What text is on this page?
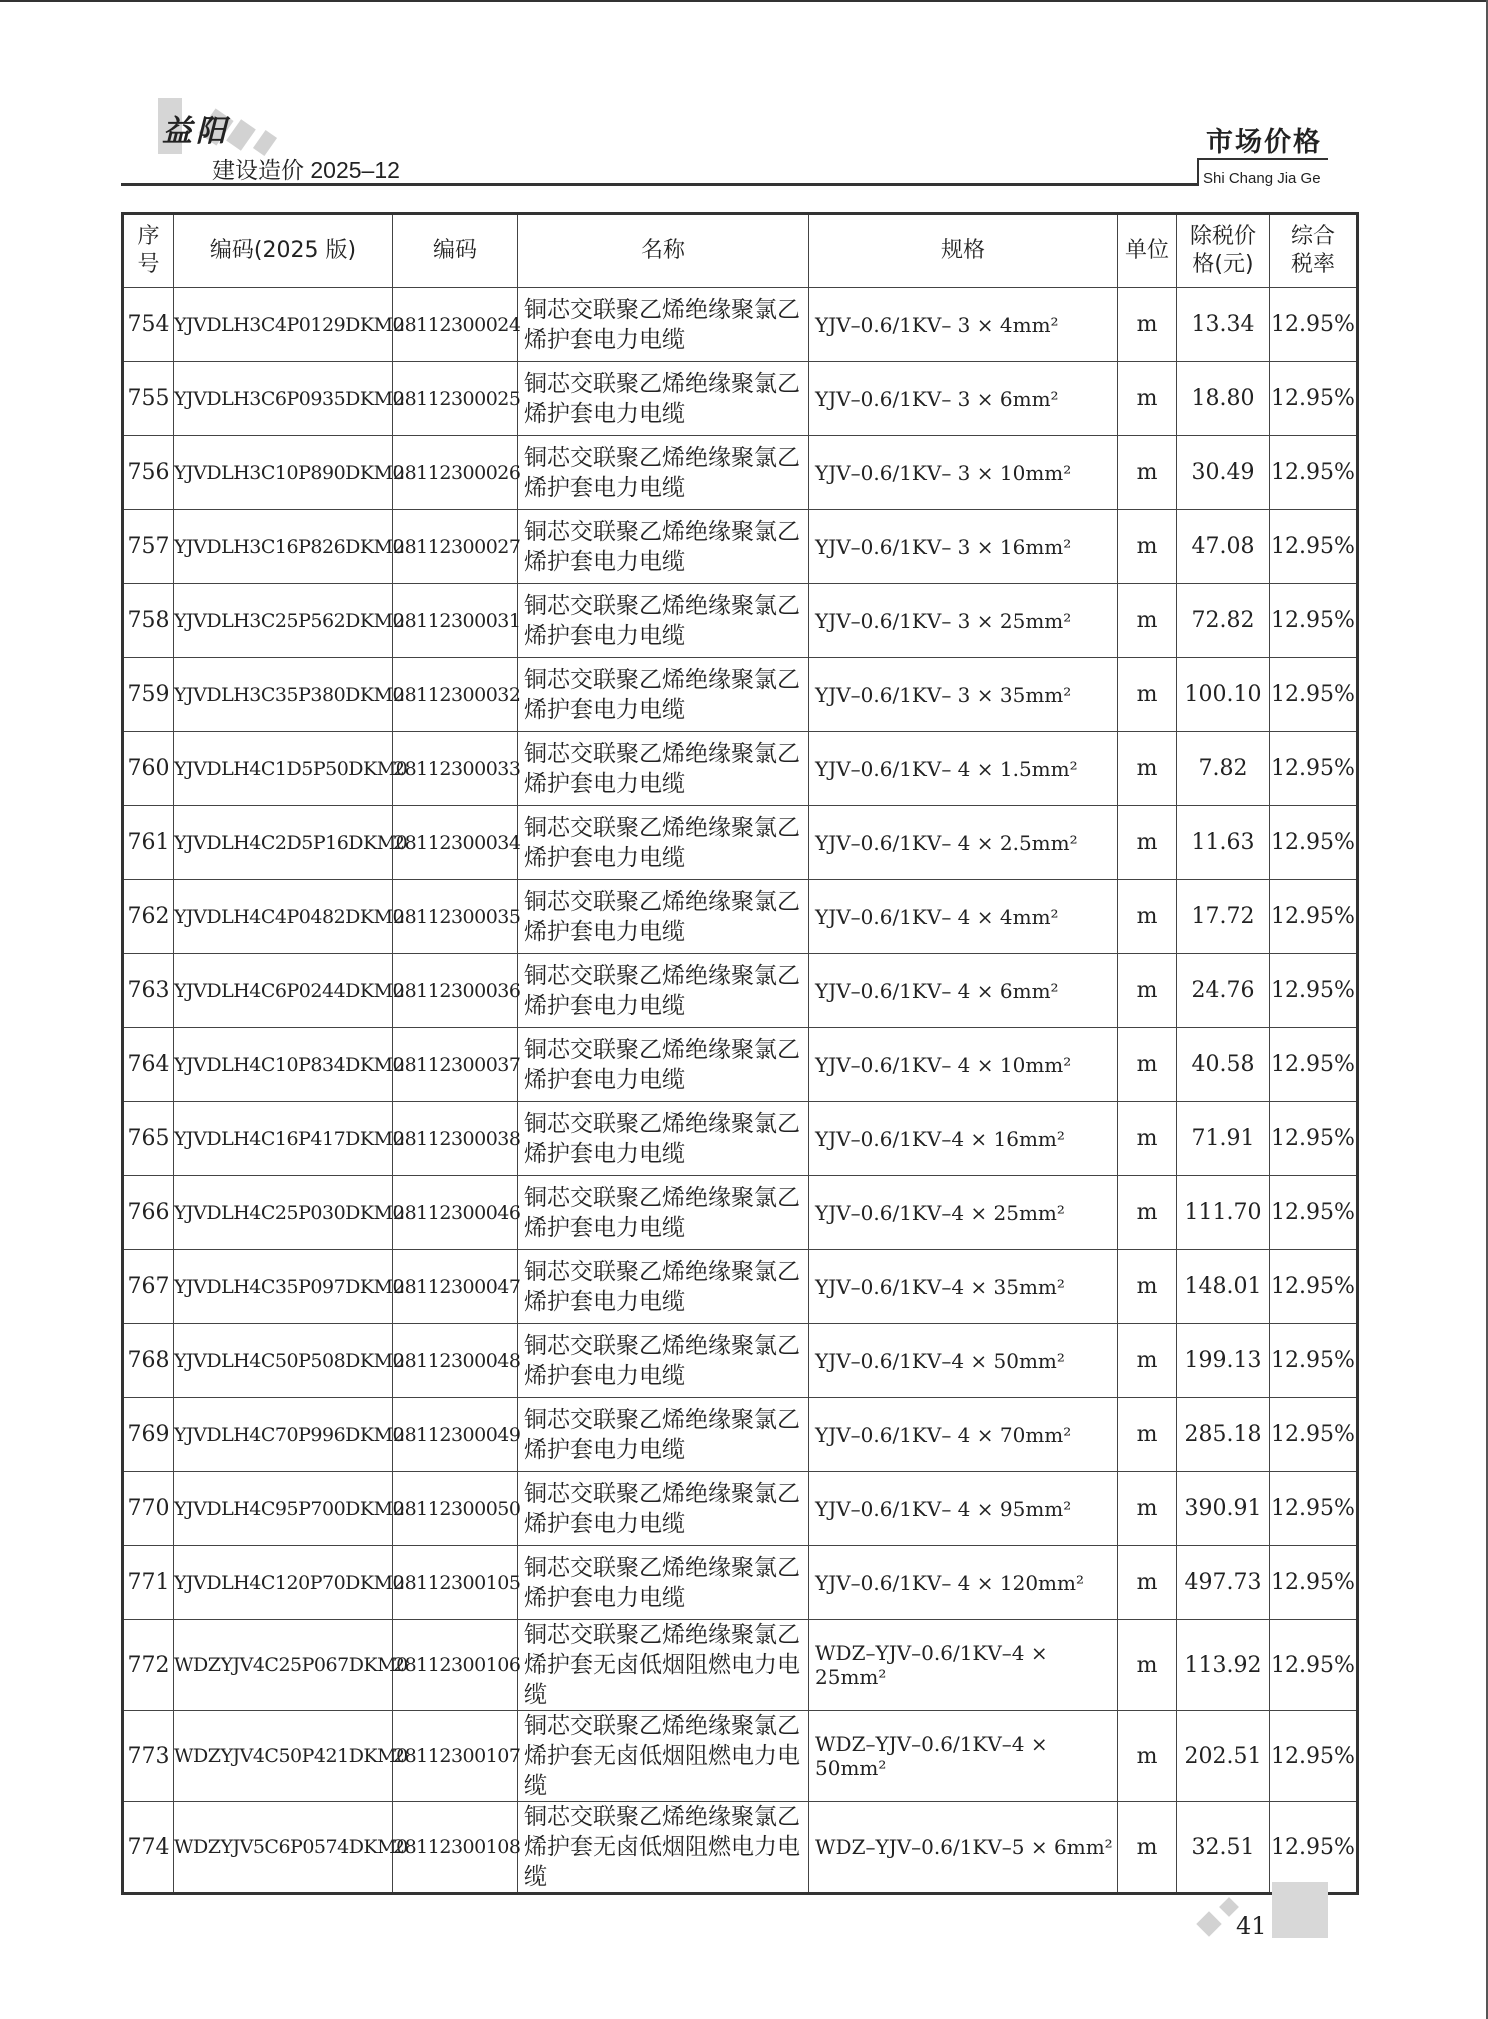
益阳
建设造价 2025–12
市场价格
Shi Chang Jia Ge
序号	编码(2025 版)	编码	名称	规格	单位	除税价格(元)	综合税率
754	YJVDLH3C4P0129DKM0	28112300024	铜芯交联聚乙烯绝缘聚氯乙烯护套电力电缆	YJV–0.6/1KV– 3 × 4mm²	m	13.34	12.95%
755	YJVDLH3C6P0935DKM0	28112300025	铜芯交联聚乙烯绝缘聚氯乙烯护套电力电缆	YJV–0.6/1KV– 3 × 6mm²	m	18.80	12.95%
756	YJVDLH3C10P890DKM0	28112300026	铜芯交联聚乙烯绝缘聚氯乙烯护套电力电缆	YJV–0.6/1KV– 3 × 10mm²	m	30.49	12.95%
757	YJVDLH3C16P826DKM0	28112300027	铜芯交联聚乙烯绝缘聚氯乙烯护套电力电缆	YJV–0.6/1KV– 3 × 16mm²	m	47.08	12.95%
758	YJVDLH3C25P562DKM0	28112300031	铜芯交联聚乙烯绝缘聚氯乙烯护套电力电缆	YJV–0.6/1KV– 3 × 25mm²	m	72.82	12.95%
759	YJVDLH3C35P380DKM0	28112300032	铜芯交联聚乙烯绝缘聚氯乙烯护套电力电缆	YJV–0.6/1KV– 3 × 35mm²	m	100.10	12.95%
760	YJVDLH4C1D5P50DKM0	28112300033	铜芯交联聚乙烯绝缘聚氯乙烯护套电力电缆	YJV–0.6/1KV– 4 × 1.5mm²	m	7.82	12.95%
761	YJVDLH4C2D5P16DKM0	28112300034	铜芯交联聚乙烯绝缘聚氯乙烯护套电力电缆	YJV–0.6/1KV– 4 × 2.5mm²	m	11.63	12.95%
762	YJVDLH4C4P0482DKM0	28112300035	铜芯交联聚乙烯绝缘聚氯乙烯护套电力电缆	YJV–0.6/1KV– 4 × 4mm²	m	17.72	12.95%
763	YJVDLH4C6P0244DKM0	28112300036	铜芯交联聚乙烯绝缘聚氯乙烯护套电力电缆	YJV–0.6/1KV– 4 × 6mm²	m	24.76	12.95%
764	YJVDLH4C10P834DKM0	28112300037	铜芯交联聚乙烯绝缘聚氯乙烯护套电力电缆	YJV–0.6/1KV– 4 × 10mm²	m	40.58	12.95%
765	YJVDLH4C16P417DKM0	28112300038	铜芯交联聚乙烯绝缘聚氯乙烯护套电力电缆	YJV–0.6/1KV–4 × 16mm²	m	71.91	12.95%
766	YJVDLH4C25P030DKM0	28112300046	铜芯交联聚乙烯绝缘聚氯乙烯护套电力电缆	YJV–0.6/1KV–4 × 25mm²	m	111.70	12.95%
767	YJVDLH4C35P097DKM0	28112300047	铜芯交联聚乙烯绝缘聚氯乙烯护套电力电缆	YJV–0.6/1KV–4 × 35mm²	m	148.01	12.95%
768	YJVDLH4C50P508DKM0	28112300048	铜芯交联聚乙烯绝缘聚氯乙烯护套电力电缆	YJV–0.6/1KV–4 × 50mm²	m	199.13	12.95%
769	YJVDLH4C70P996DKM0	28112300049	铜芯交联聚乙烯绝缘聚氯乙烯护套电力电缆	YJV–0.6/1KV– 4 × 70mm²	m	285.18	12.95%
770	YJVDLH4C95P700DKM0	28112300050	铜芯交联聚乙烯绝缘聚氯乙烯护套电力电缆	YJV–0.6/1KV– 4 × 95mm²	m	390.91	12.95%
771	YJVDLH4C120P70DKM0	28112300105	铜芯交联聚乙烯绝缘聚氯乙烯护套电力电缆	YJV–0.6/1KV– 4 × 120mm²	m	497.73	12.95%
772	WDZYJV4C25P067DKM0	28112300106	铜芯交联聚乙烯绝缘聚氯乙烯护套无卤低烟阻燃电力电缆	WDZ–YJV–0.6/1KV–4 × 25mm²	m	113.92	12.95%
773	WDZYJV4C50P421DKM0	28112300107	铜芯交联聚乙烯绝缘聚氯乙烯护套无卤低烟阻燃电力电缆	WDZ–YJV–0.6/1KV–4 × 50mm²	m	202.51	12.95%
774	WDZYJV5C6P0574DKM0	28112300108	铜芯交联聚乙烯绝缘聚氯乙烯护套无卤低烟阻燃电力电缆	WDZ–YJV–0.6/1KV–5 × 6mm²	m	32.51	12.95%
41
